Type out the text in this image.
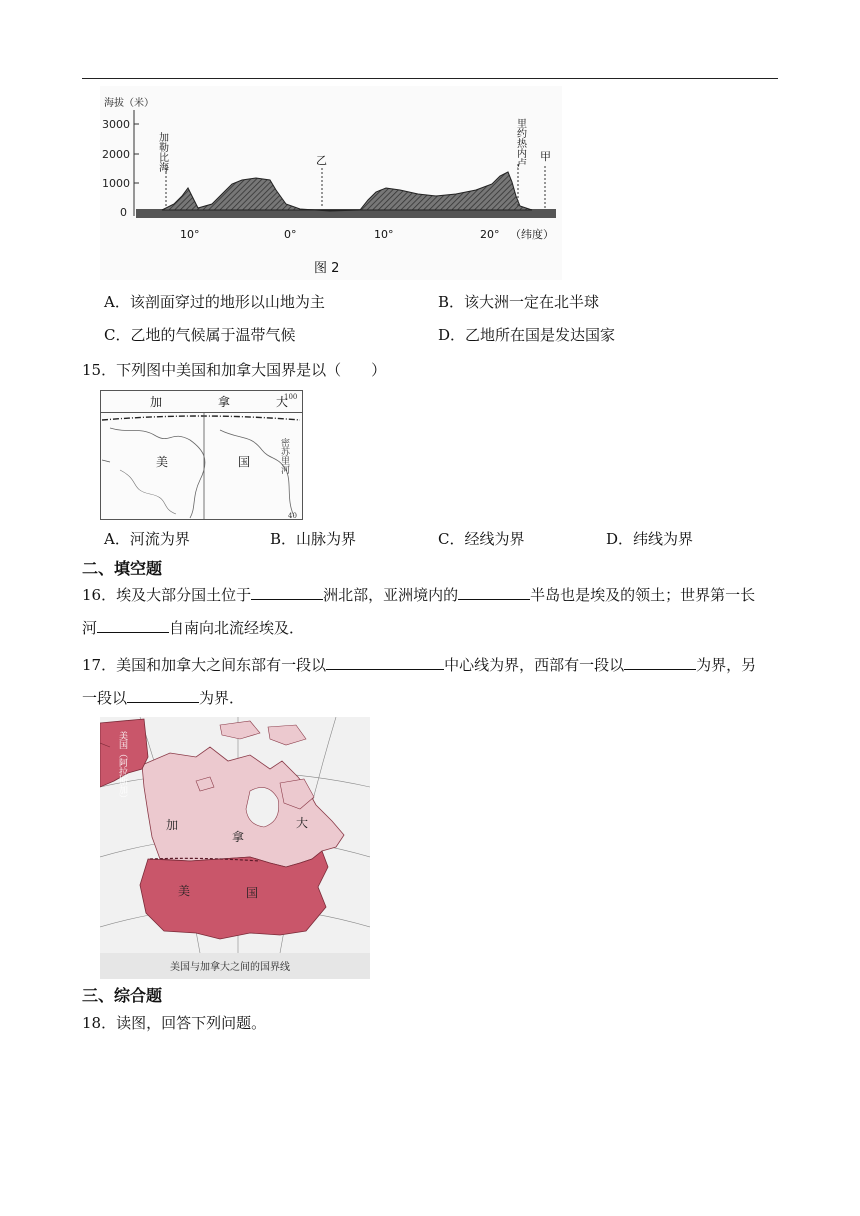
海拔（米）
3000
2000
1000
0
加勒比海	乙	里约热内卢 甲
10°	0°	10°	20° （纬度）
图 2
A．该剖面穿过的地形以山地为主	B．该大洲一定在北半球
C．乙地的气候属于温带气候	D．乙地所在国是发达国家
15．下列图中美国和加拿大国界是以（　　）
加	拿	大
美	国
100
40
密苏里河
A．河流为界	B．山脉为界	C．经线为界	D．纬线为界
二、填空题
16．埃及大部分国土位于	洲北部，亚洲境内的	半岛也是埃及的领土；世界第一长
河	自南向北流经埃及．
17．美国和加拿大之间东部有一段以	中心线为界，西部有一段以	为界，另
一段以	为界．
美国（阿拉斯加）
加
拿
大
美	国
美国与加拿大之间的国界线
三、综合题
18．读图，回答下列问题。
